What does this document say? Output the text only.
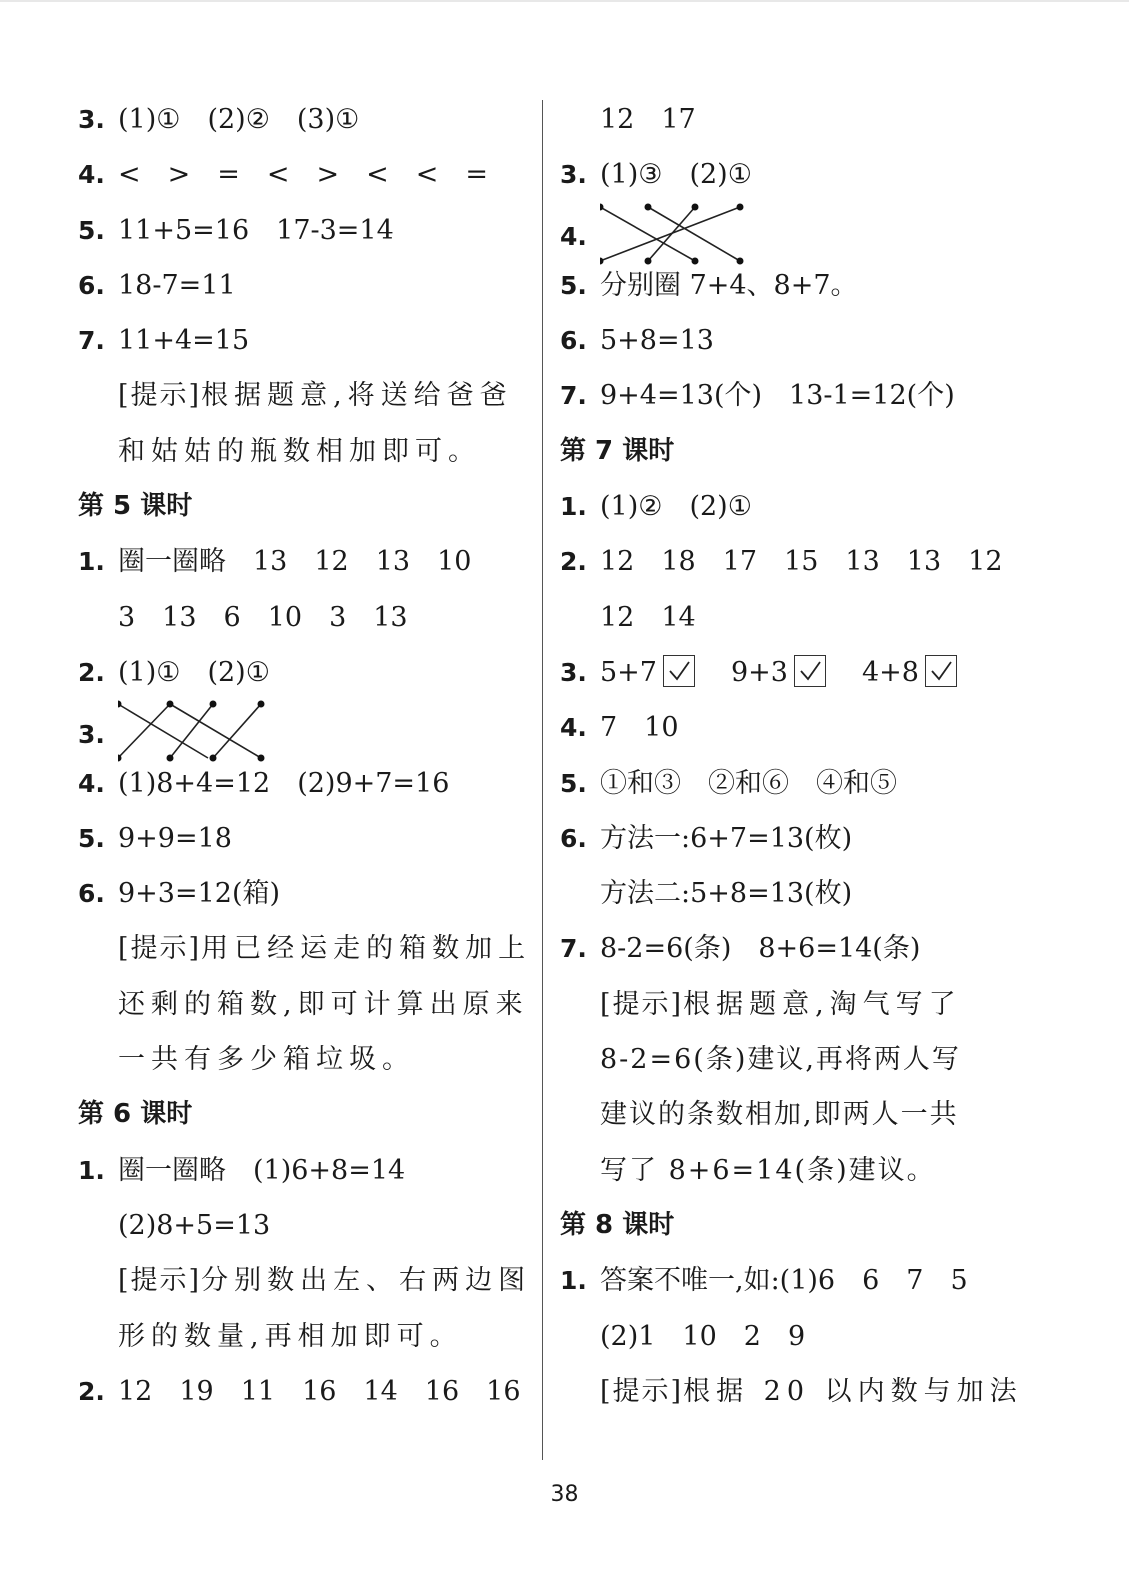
3. (1)①　(2)②　(3)①
4. <　>　=　<　>　<　<　=
5. 11+5=16　17-3=14
6. 18-7=11
7. 11+4=15
[提示]根据题意,将送给爸爸
和姑姑的瓶数相加即可。
第 5 课时
1. 圈一圈略　13　12　13　10
3　13　6　10　3　13
2. (1)①　(2)①
3.
4. (1)8+4=12　(2)9+7=16
5. 9+9=18
6. 9+3=12(箱)
[提示]用已经运走的箱数加上
还剩的箱数,即可计算出原来
一共有多少箱垃圾。
第 6 课时
1. 圈一圈略　(1)6+8=14
(2)8+5=13
[提示]分别数出左、右两边图
形的数量,再相加即可。
2. 12　19　11　16　14　16　16
12　17
3. (1)③　(2)①
4.
5. 分别圈 7+4、8+7。
6. 5+8=13
7. 9+4=13(个)　13-1=12(个)
第 7 课时
1. (1)②　(2)①
2. 12　18　17　15　13　13　12
12　14
3. 5+7	9+3	4+8
4. 7　10
5. ①和③　②和⑥　④和⑤
6. 方法一:6+7=13(枚)
方法二:5+8=13(枚)
7. 8-2=6(条)　8+6=14(条)
[提示]根据题意,淘气写了
8-2=6(条)建议,再将两人写
建议的条数相加,即两人一共
写了 8+6=14(条)建议。
第 8 课时
1. 答案不唯一,如:(1)6　6　7　5
(2)1　10　2　9
[提示]根据 20 以内数与加法
38
